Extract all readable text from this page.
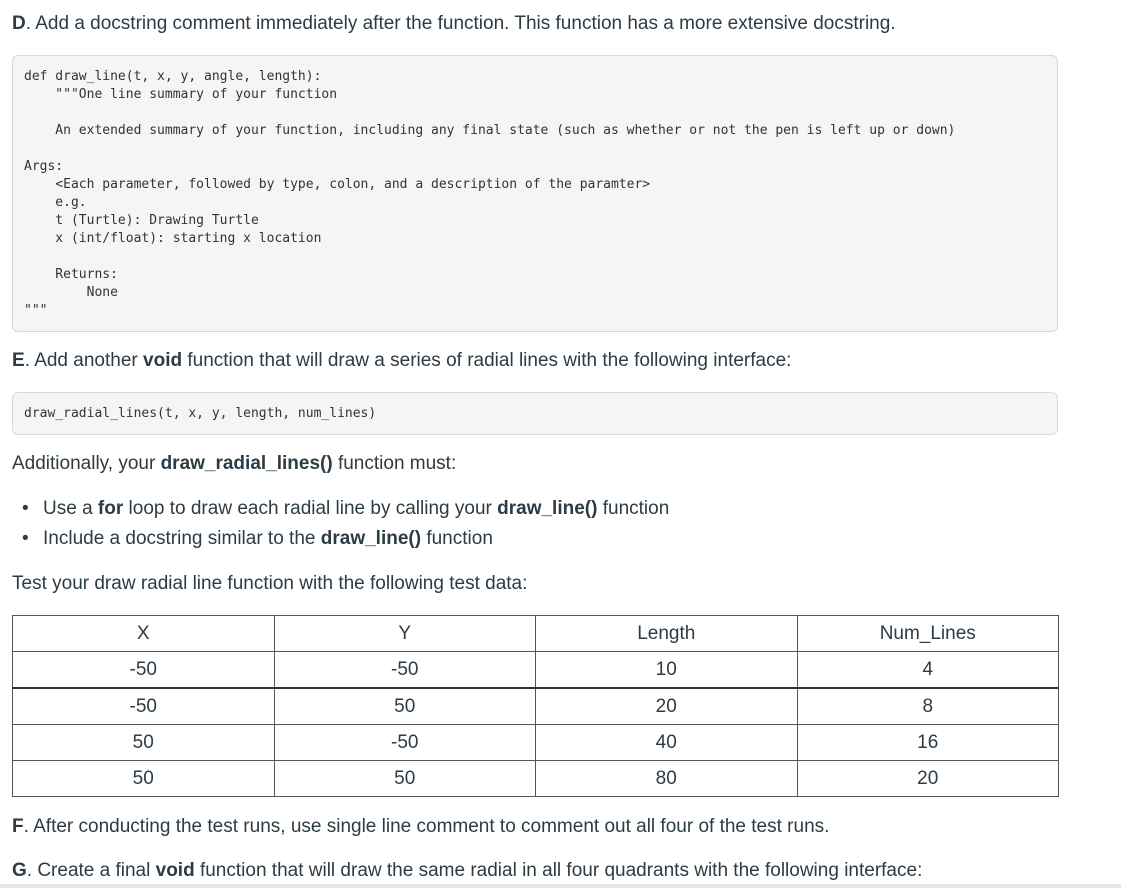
D. Add a docstring comment immediately after the function. This function has a more extensive docstring.
def draw_line(t, x, y, angle, length):
"""One line summary of your function
An extended summary of your function, including any final state (such as whether or not the pen is left up or down)
Args:
<Each parameter, followed by type, colon, and a description of the paramter>
e.g.
t (Turtle): Drawing Turtle
x (int/float): starting x location
Returns:
None
"""
E. Add another void function that will draw a series of radial lines with the following interface:
draw_radial_lines(t, x, y, length, num_lines)
Additionally, your draw_radial_lines() function must:
• Use a for loop to draw each radial line by calling your draw_line() function
• Include a docstring similar to the draw_line() function
Test your draw radial line function with the following test data:
X	Y	Length	Num_Lines
-50	-50	10	4
-50	50	20	8
50	-50	40	16
50	50	80	20
F. After conducting the test runs, use single line comment to comment out all four of the test runs.
G. Create a final void function that will draw the same radial in all four quadrants with the following interface:
